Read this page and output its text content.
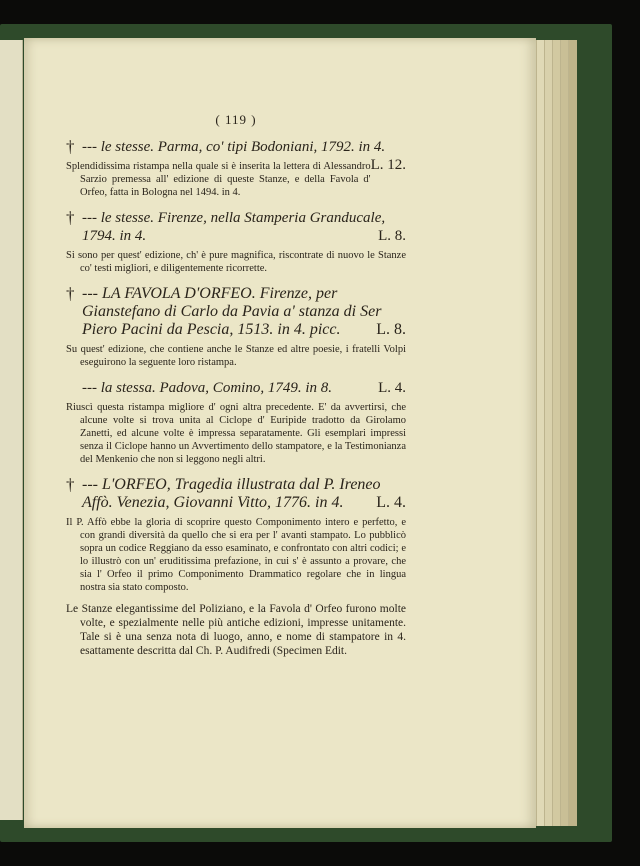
( 119 )
† --- le stesse. Parma, co' tipi Bodoniani, 1792. in 4.
L. 12.
Splendidissima ristampa nella quale si è inserita la lettera di Alessandro Sarzio premessa all' edizione di queste Stanze, e della Favola d' Orfeo, fatta in Bologna nel 1494. in 4.
† --- le stesse. Firenze, nella Stamperia Granducale, 1794. in 4.	L. 8.
Si sono per quest' edizione, ch' è pure magnifica, riscontrate di nuovo le Stanze co' testi migliori, e diligentemente ricorrette.
† --- LA FAVOLA D'ORFEO. Firenze, per Gianstefano di Carlo da Pavia a' stanza di Ser Piero Pacini da Pescia, 1513. in 4. picc. L. 8.
Su quest' edizione, che contiene anche le Stanze ed altre poesie, i fratelli Volpi eseguirono la seguente loro ristampa.
--- la stessa. Padova, Comino, 1749. in 8.	L. 4.
Riuscì questa ristampa migliore d' ogni altra precedente. E' da avvertirsi, che alcune volte si trova unita al Ciclope d' Euripide tradotto da Girolamo Zanetti, ed alcune volte è impressa separatamente. Gli esemplari impressi senza il Ciclope hanno un Avvertimento dello stampatore, e la Testimonianza del Menkenio che non si leggono negli altri.
† --- L'ORFEO, Tragedia illustrata dal P. Ireneo Affò. Venezia, Giovanni Vitto, 1776. in 4. L. 4.
Il P. Affò ebbe la gloria di scoprire questo Componimento intero e perfetto, e con grandi diversità da quello che si era per l' avanti stampato. Lo pubblicò sopra un codice Reggiano da esso esaminato, e confrontato con altri codici; e lo illustrò con un' eruditissima prefazione, in cui s' è assunto a provare, che sia l' Orfeo il primo Componimento Drammatico regolare che in lingua nostra sia stato composto.
Le Stanze elegantissime del Poliziano, e la Favola d' Orfeo furono molte volte, e spezialmente nelle più antiche edizioni, impresse unitamente. Tale si è una senza nota di luogo, anno, e nome di stampatore in 4. esattamente descritta dal Ch. P. Audifredi (Specimen Edit.
